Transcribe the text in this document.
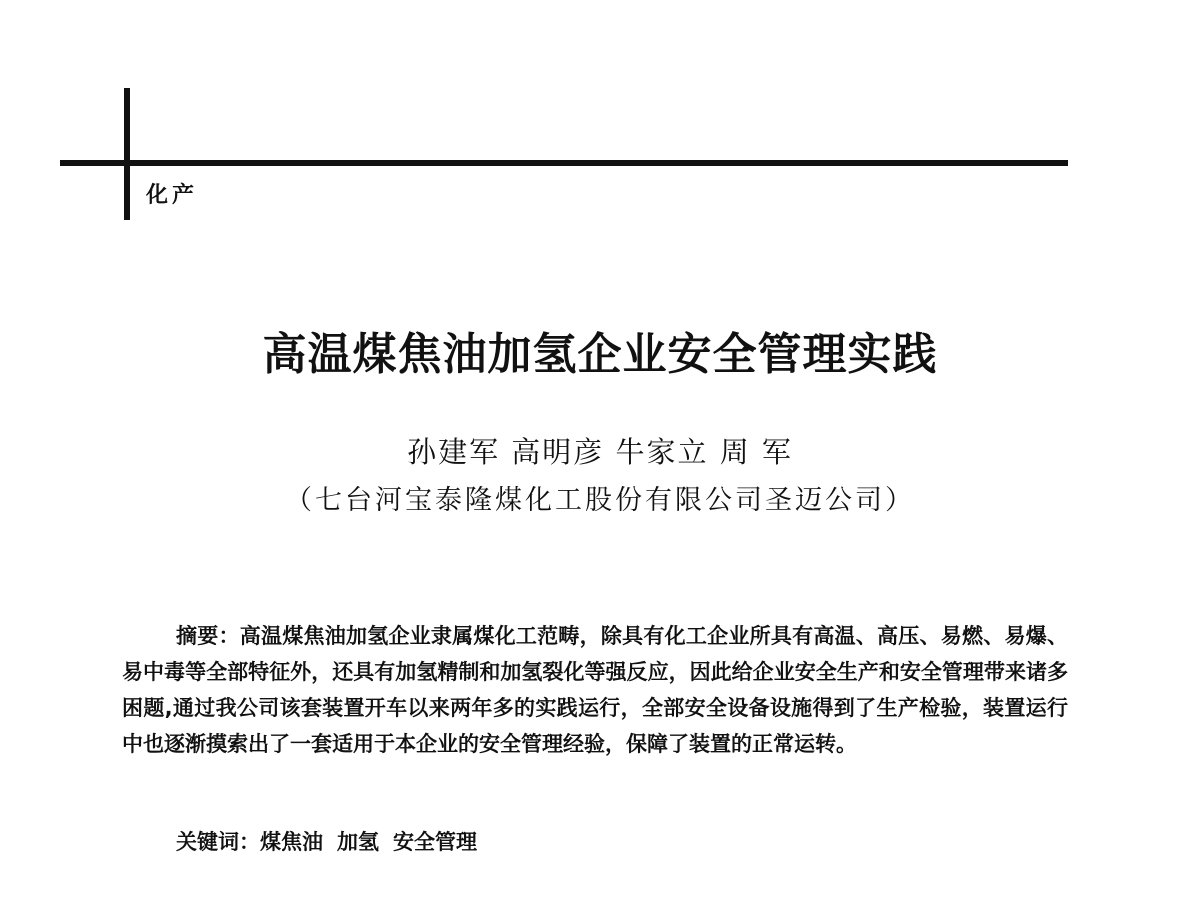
化产
高温煤焦油加氢企业安全管理实践
孙建军 高明彦 牛家立 周 军
（七台河宝泰隆煤化工股份有限公司圣迈公司）

摘要：高温煤焦油加氢企业隶属煤化工范畴，除具有化工企业所具有高温、高压、易燃、易爆、易中毒等全部特征外，还具有加氢精制和加氢裂化等强反应，因此给企业安全生产和安全管理带来诸多困题,通过我公司该套装置开车以来两年多的实践运行，全部安全设备设施得到了生产检验，装置运行中也逐渐摸索出了一套适用于本企业的安全管理经验，保障了装置的正常运转。

关键词：煤焦油 加氢 安全管理
